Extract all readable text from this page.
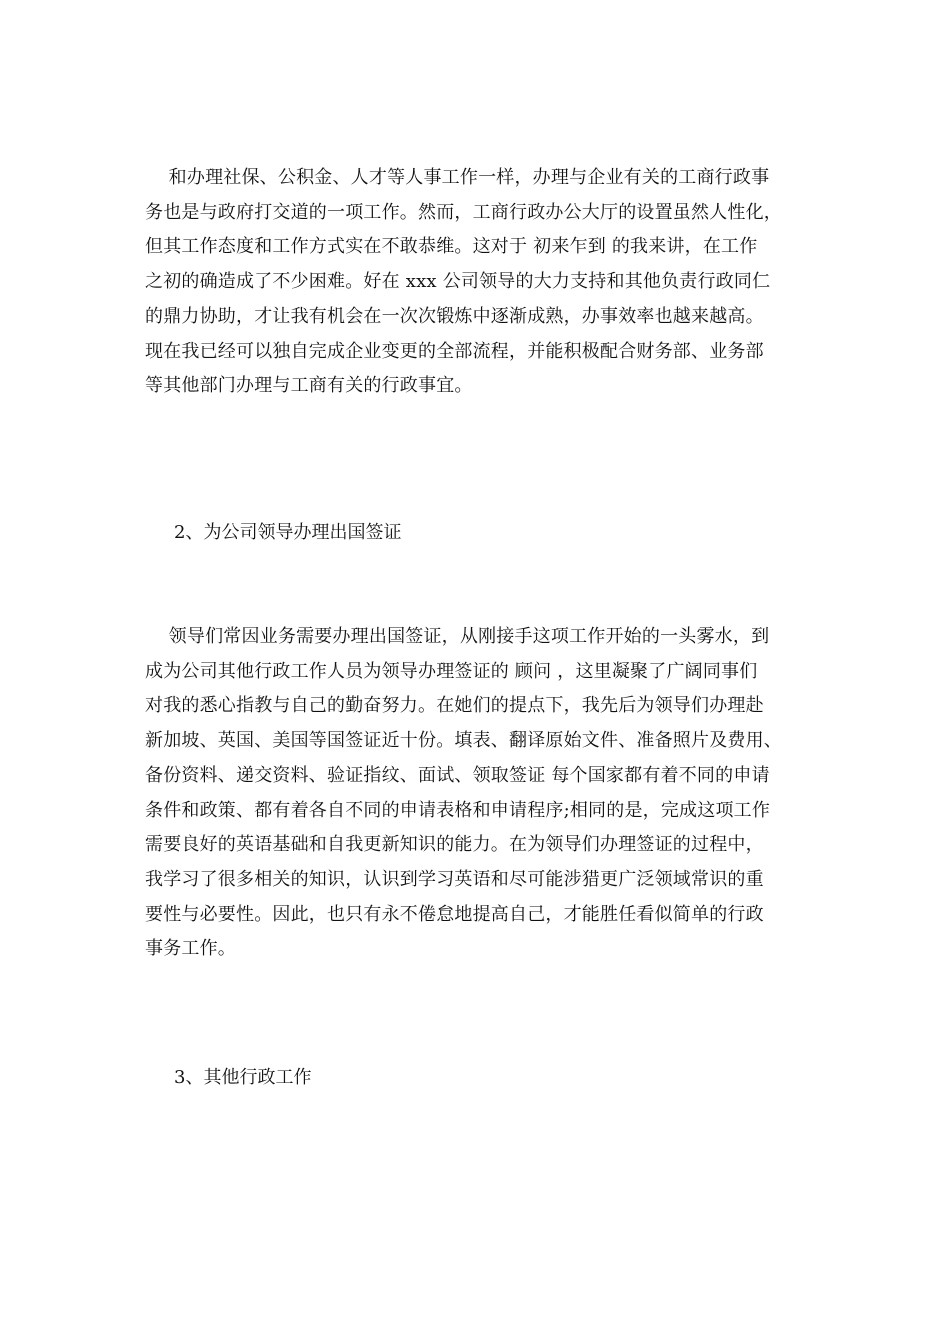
和办理社保、公积金、人才等人事工作一样，办理与企业有关的工商行政事
务也是与政府打交道的一项工作。然而，工商行政办公大厅的设置虽然人性化，
但其工作态度和工作方式实在不敢恭维。这对于 初来乍到 的我来讲，在工作
之初的确造成了不少困难。好在 xxx 公司领导的大力支持和其他负责行政同仁
的鼎力协助，才让我有机会在一次次锻炼中逐渐成熟，办事效率也越来越高。
现在我已经可以独自完成企业变更的全部流程，并能积极配合财务部、业务部
等其他部门办理与工商有关的行政事宜。
2、为公司领导办理出国签证
领导们常因业务需要办理出国签证，从刚接手这项工作开始的一头雾水，到
成为公司其他行政工作人员为领导办理签证的 顾问 ，这里凝聚了广阔同事们
对我的悉心指教与自己的勤奋努力。在她们的提点下，我先后为领导们办理赴
新加坡、英国、美国等国签证近十份。填表、翻译原始文件、准备照片及费用、
备份资料、递交资料、验证指纹、面试、领取签证 每个国家都有着不同的申请
条件和政策、都有着各自不同的申请表格和申请程序;相同的是，完成这项工作
需要良好的英语基础和自我更新知识的能力。在为领导们办理签证的过程中，
我学习了很多相关的知识，认识到学习英语和尽可能涉猎更广泛领域常识的重
要性与必要性。因此，也只有永不倦怠地提高自己，才能胜任看似简单的行政
事务工作。
3、其他行政工作
